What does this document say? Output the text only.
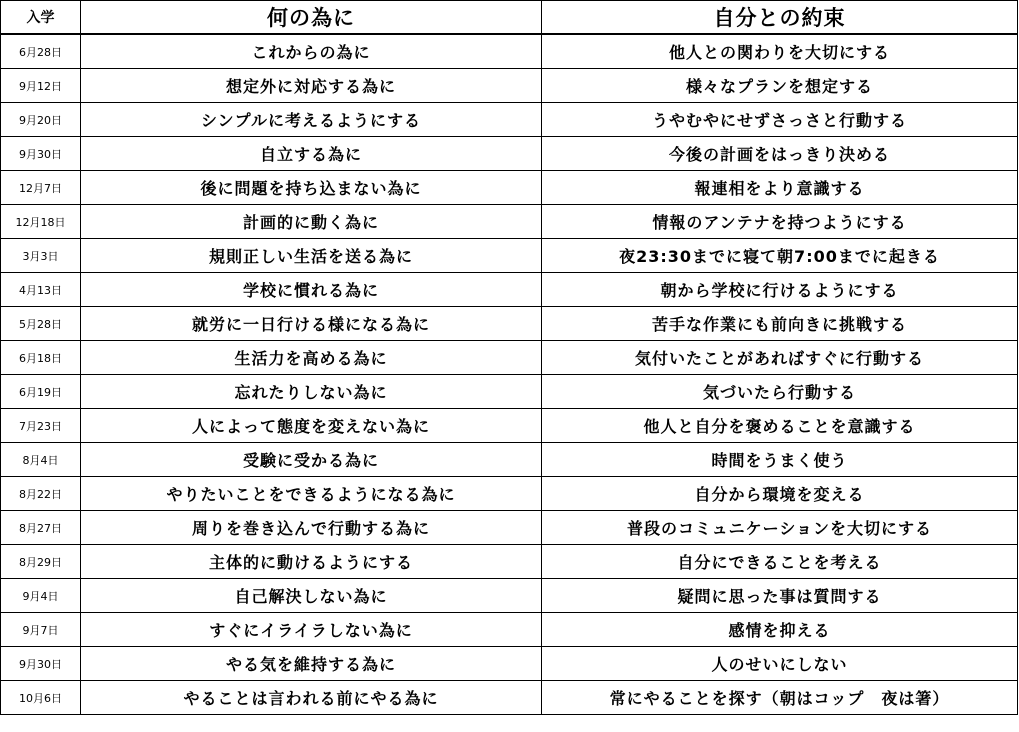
入学	何の為に	自分との約束
6月28日	これからの為に	他人との関わりを大切にする
9月12日	想定外に対応する為に	様々なプランを想定する
9月20日	シンプルに考えるようにする	うやむやにせずさっさと行動する
9月30日	自立する為に	今後の計画をはっきり決める
12月7日	後に問題を持ち込まない為に	報連相をより意識する
12月18日	計画的に動く為に	情報のアンテナを持つようにする
3月3日	規則正しい生活を送る為に	夜23:30までに寝て朝7:00までに起きる
4月13日	学校に慣れる為に	朝から学校に行けるようにする
5月28日	就労に一日行ける様になる為に	苦手な作業にも前向きに挑戦する
6月18日	生活力を高める為に	気付いたことがあればすぐに行動する
6月19日	忘れたりしない為に	気づいたら行動する
7月23日	人によって態度を変えない為に	他人と自分を褒めることを意識する
8月4日	受験に受かる為に	時間をうまく使う
8月22日	やりたいことをできるようになる為に	自分から環境を変える
8月27日	周りを巻き込んで行動する為に	普段のコミュニケーションを大切にする
8月29日	主体的に動けるようにする	自分にできることを考える
9月4日	自己解決しない為に	疑問に思った事は質問する
9月7日	すぐにイライラしない為に	感情を抑える
9月30日	やる気を維持する為に	人のせいにしない
10月6日	やることは言われる前にやる為に	常にやることを探す（朝はコップ　夜は箸）
